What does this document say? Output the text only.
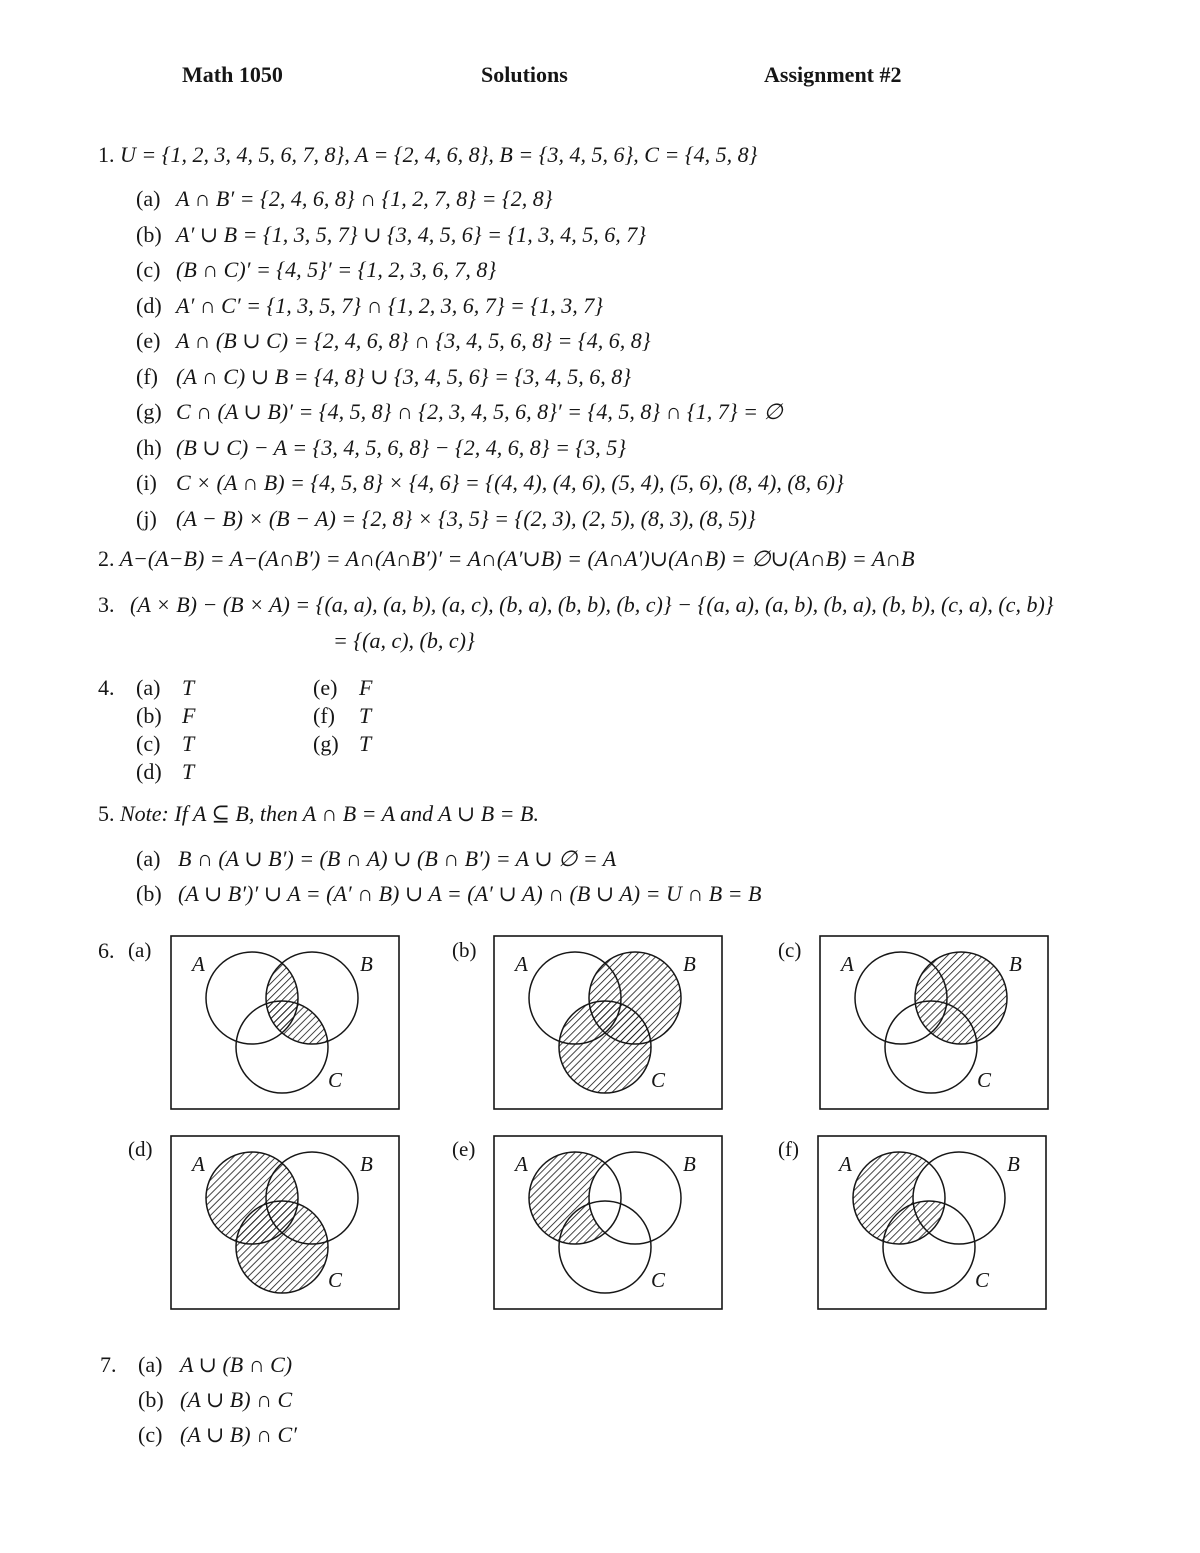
Math 1050	Solutions	Assignment #2
1. U = {1, 2, 3, 4, 5, 6, 7, 8}, A = {2, 4, 6, 8}, B = {3, 4, 5, 6}, C = {4, 5, 8}
(a) A ∩ B′ = {2, 4, 6, 8} ∩ {1, 2, 7, 8} = {2, 8}
(b) A′ ∪ B = {1, 3, 5, 7} ∪ {3, 4, 5, 6} = {1, 3, 4, 5, 6, 7}
(c) (B ∩ C)′ = {4, 5}′ = {1, 2, 3, 6, 7, 8}
(d) A′ ∩ C′ = {1, 3, 5, 7} ∩ {1, 2, 3, 6, 7} = {1, 3, 7}
(e) A ∩ (B ∪ C) = {2, 4, 6, 8} ∩ {3, 4, 5, 6, 8} = {4, 6, 8}
(f) (A ∩ C) ∪ B = {4, 8} ∪ {3, 4, 5, 6} = {3, 4, 5, 6, 8}
(g) C ∩ (A ∪ B)′ = {4, 5, 8} ∩ {2, 3, 4, 5, 6, 8}′ = {4, 5, 8} ∩ {1, 7} = ∅
(h) (B ∪ C) − A = {3, 4, 5, 6, 8} − {2, 4, 6, 8} = {3, 5}
(i) C × (A ∩ B) = {4, 5, 8} × {4, 6} = {(4, 4), (4, 6), (5, 4), (5, 6), (8, 4), (8, 6)}
(j) (A − B) × (B − A) = {2, 8} × {3, 5} = {(2, 3), (2, 5), (8, 3), (8, 5)}
2. A−(A−B) = A−(A∩B′) = A∩(A∩B′)′ = A∩(A′∪B) = (A∩A′)∪(A∩B) = ∅∪(A∩B) = A∩B
3. (A × B) − (B × A) = {(a, a), (a, b), (a, c), (b, a), (b, b), (b, c)} − {(a, a), (a, b), (b, a), (b, b), (c, a), (c, b)}
= {(a, c), (b, c)}
4. (a) T
(b) F
(c) T
(d) T
(e) F
(f) T
(g) T
5. Note: If A ⊆ B, then A ∩ B = A and A ∪ B = B.
(a) B ∩ (A ∪ B′) = (B ∩ A) ∪ (B ∩ B′) = A ∪ ∅ = A
(b) (A ∪ B′)′ ∪ A = (A′ ∩ B) ∪ A = (A′ ∪ A) ∩ (B ∪ A) = U ∩ B = B
6. (a)
A	B
C
(b)
A	B
C
(c)
A	B
C
(d)
A	B
C
(e)
A	B
C
(f)
A	B
C
7. (a) A ∪ (B ∩ C)
(b) (A ∪ B) ∩ C
(c) (A ∪ B) ∩ C′
